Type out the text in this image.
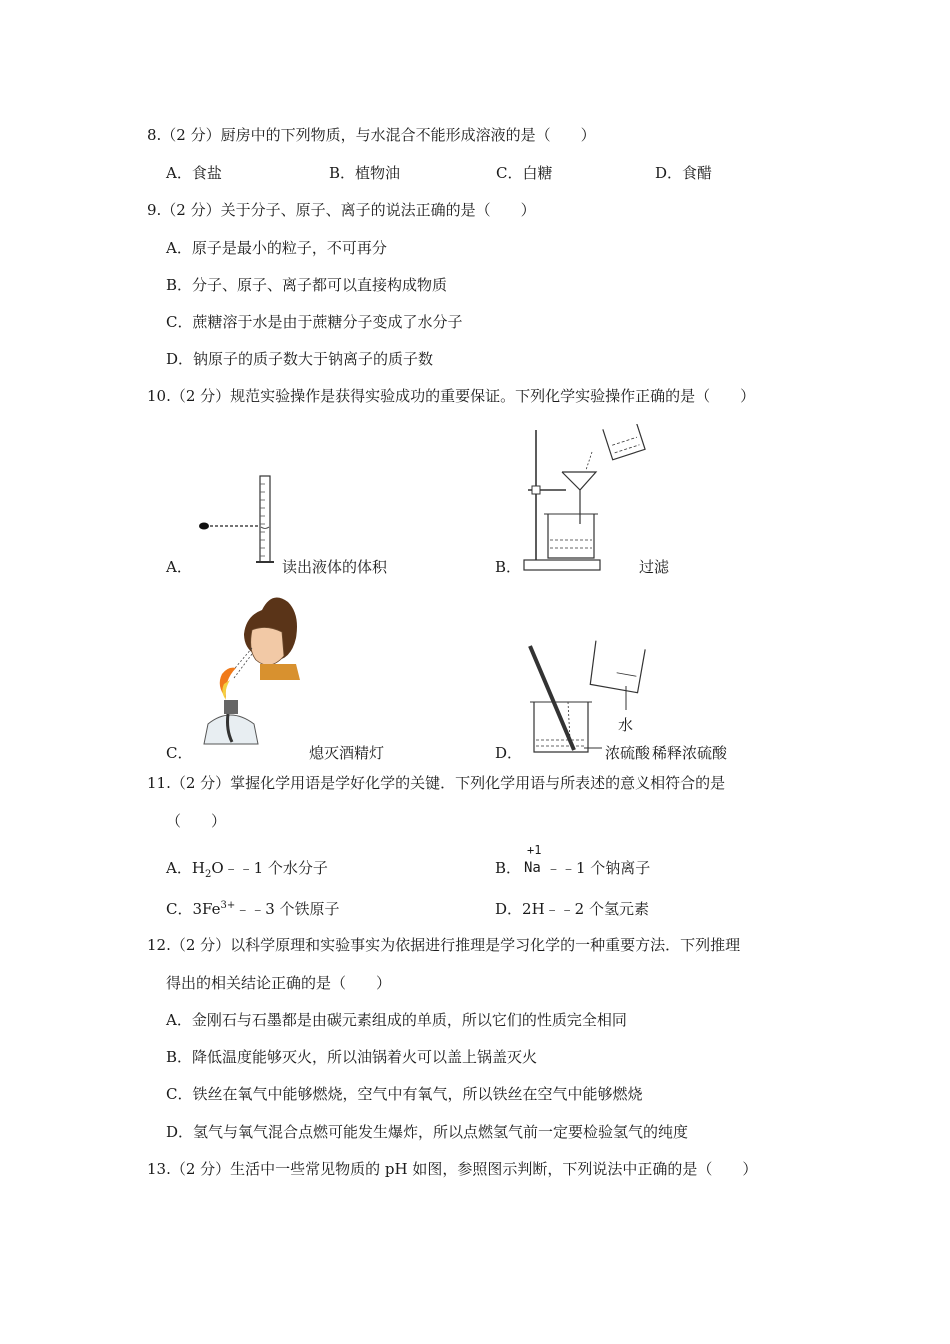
8.（2 分）厨房中的下列物质，与水混合不能形成溶液的是（　　）
A．食盐	B．植物油	C．白糖	D．食醋
9.（2 分）关于分子、原子、离子的说法正确的是（　　）
A．原子是最小的粒子，不可再分
B．分子、原子、离子都可以直接构成物质
C．蔗糖溶于水是由于蔗糖分子变成了水分子
D．钠原子的质子数大于钠离子的质子数
10.（2 分）规范实验操作是获得实验成功的重要保证。下列化学实验操作正确的是（　　）
A．	读出液体的体积	B．	过滤
C．	熄灭酒精灯	D．
水
浓硫酸 稀释浓硫酸
11.（2 分）掌握化学用语是学好化学的关键．下列化学用语与所表述的意义相符合的是
（　　）
A．$H_2O﹣﹣1$ 个水分子	B．
+1
Na ﹣﹣1 个钠离子
C．$3Fe^{3+}﹣﹣3$ 个铁原子	D．2H﹣﹣2 个氢元素
12.（2 分）以科学原理和实验事实为依据进行推理是学习化学的一种重要方法．下列推理
得出的相关结论正确的是（　　）
A．金刚石与石墨都是由碳元素组成的单质，所以它们的性质完全相同
B．降低温度能够灭火，所以油锅着火可以盖上锅盖灭火
C．铁丝在氧气中能够燃烧，空气中有氧气，所以铁丝在空气中能够燃烧
D．氢气与氧气混合点燃可能发生爆炸，所以点燃氢气前一定要检验氢气的纯度
13.（2 分）生活中一些常见物质的 pH 如图，参照图示判断，下列说法中正确的是（　　）
